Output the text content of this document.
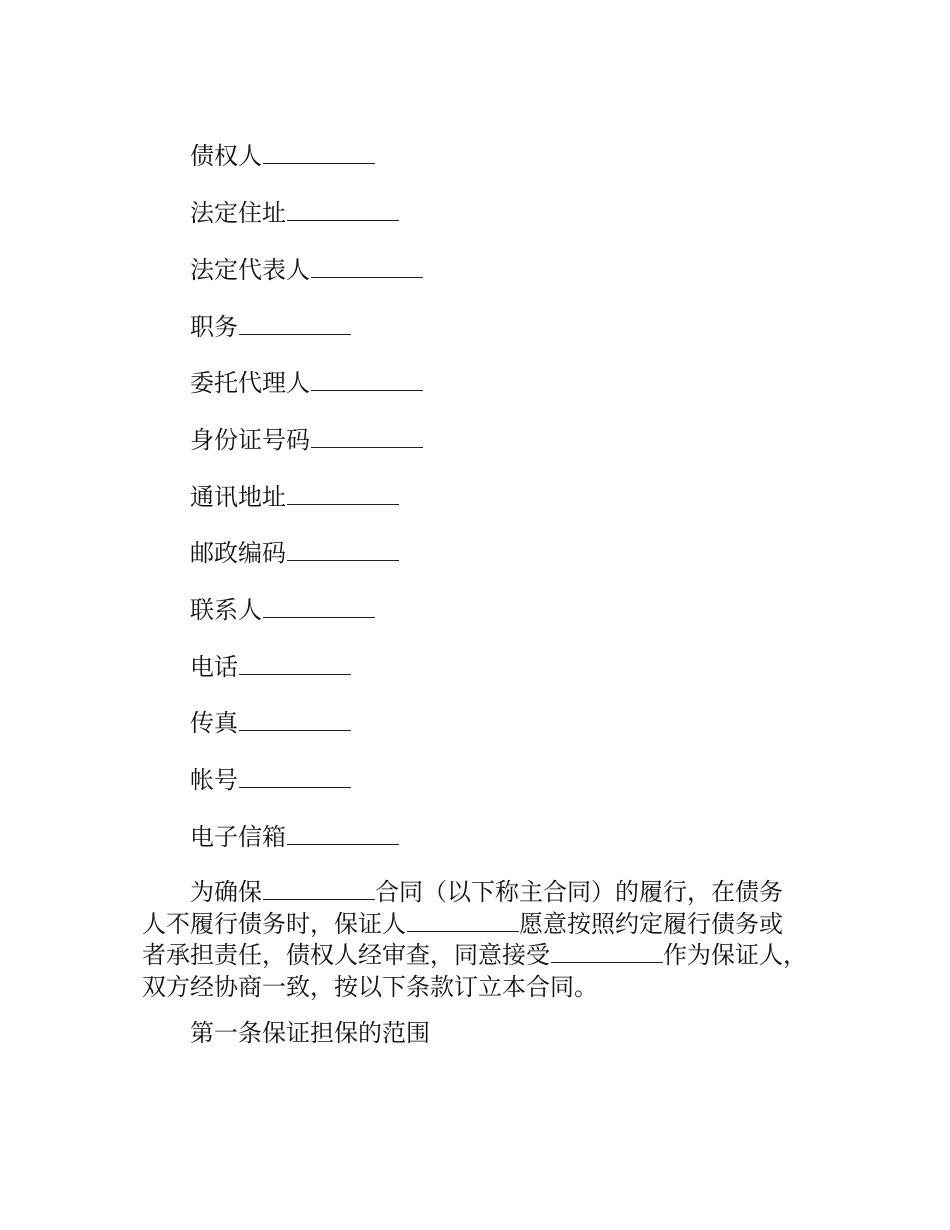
债权人
法定住址
法定代表人
职务
委托代理人
身份证号码
通讯地址
邮政编码
联系人
电话
传真
帐号
电子信箱
为确保	合同（以下称主合同）的履行，在债务
人不履行债务时，保证人	愿意按照约定履行债务或
者承担责任，债权人经审查，同意接受	作为保证人，
双方经协商一致，按以下条款订立本合同。
第一条保证担保的范围
